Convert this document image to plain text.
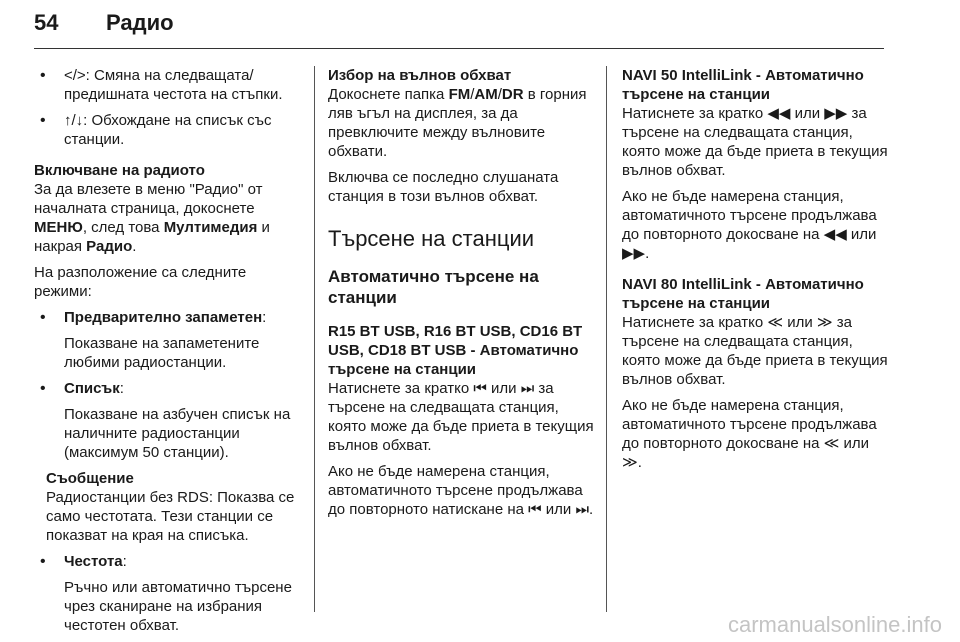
54 Радио
• </>: Смяна на следващата/предишната честота на стъпки.
• ↑/↓: Обхождане на списък със станции.

Включване на радиото

За да влезете в меню "Радио" от началната страница, докоснете МЕНЮ, след това Мултимедия и накрая Радио.

На разположение са следните режими:

• Предварително запаметен:
Показване на запаметените любими радиостанции.
• Списък:
Показване на азбучен списък на наличните радиостанции (максимум 50 станции).

Съобщение

Радиостанции без RDS: Показва се само честотата. Тези станции се показват на края на списъка.

• Честота:
Ръчно или автоматично търсене чрез сканиране на избрания честотен обхват.

Избор на вълнов обхват

Докоснете папка FM/AM/DR в горния ляв ъгъл на дисплея, за да превключите между вълновите обхвати.

Включва се последно слушаната станция в този вълнов обхват.

Търсене на станции
Автоматично търсене на станции

R15 BT USB, R16 BT USB, CD16 BT USB, CD18 BT USB - Автоматично търсене на станции

Натиснете за кратко ⏮ или ⏭ за търсене на следващата станция, която може да бъде приета в текущия вълнов обхват.

Ако не бъде намерена станция, автоматичното търсене продължава до повторното натискане на ⏮ или ⏭.

NAVI 50 IntelliLink - Автоматично търсене на станции

Натиснете за кратко ◀◀ или ▶▶ за търсене на следващата станция, която може да бъде приета в текущия вълнов обхват.

Ако не бъде намерена станция, автоматичното търсене продължава до повторното докосване на ◀◀ или ▶▶.

NAVI 80 IntelliLink - Автоматично търсене на станции

Натиснете за кратко ≪ или ≫ за търсене на следващата станция, която може да бъде приета в текущия вълнов обхват.

Ако не бъде намерена станция, автоматичното търсене продължава до повторното докосване на ≪ или ≫.

carmanualsonline.info
